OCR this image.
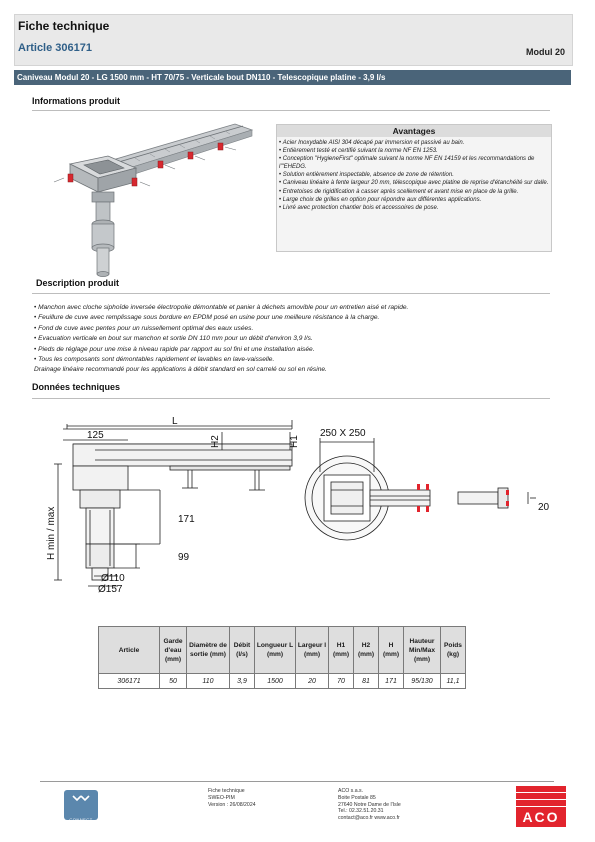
Fiche technique
Article 306171	Modul 20
Caniveau Modul 20 - LG 1500 mm - HT 70/75 - Verticale bout DN110 - Telescopique platine - 3,9 l/s
Informations produit
Avantages
• Acier Inoxydable AISI 304 décapé par immersion et passivé au bain.
• Entièrement testé et certifié suivant la norme NF EN 1253.
• Conception "HygieneFirst" optimale suivant la norme NF EN 14159 et les recommandations de l'"EHEDG.
• Solution entièrement inspectable, absence de zone de rétention.
• Caniveau linéaire à fente largeur 20 mm, télescopique avec platine de reprise d'étanchéité sur dalle.
• Entretoises de rigidification à casser après scellement et avant mise en place de la grille.
• Large choix de grilles en option pour répondre aux différentes applications.
• Livré avec protection chantier bois et accessoires de pose.
Description produit
• Manchon avec cloche siphoïde inversée électropolie démontable et panier à déchets amovible pour un entretien aisé et rapide.
• Feuillure de cuve avec remplissage sous bordure en EPDM posé en usine pour une meilleure résistance à la charge.
• Fond de cuve avec pentes pour un ruissellement optimal des eaux usées.
• Evacuation verticale en bout sur manchon et sortie DN 110 mm pour un débit d'environ 3,9 l/s.
• Pieds de réglage pour une mise à niveau rapide par rapport au sol fini et une installation aisée.
• Tous les composants sont démontables rapidement et lavables en lave-vaisselle.
Drainage linéaire recommandé pour les applications à débit standard en sol carrelé ou sol en résine.
Données techniques
L
125	H2	H1
171
99
H min / max
Ø110
Ø157
250 X 250
20
Article	Garde d'eau (mm)	Diamètre de sortie (mm)	Débit (l/s)	Longueur L (mm)	Largeur l (mm)	H1 (mm)	H2 (mm)	H (mm)	Hauteur Min/Max (mm)	Poids (kg)
306171	50	110	3,9	1500	20	70	81	171	95/130	11,1
CONNECT
Fiche technique
SWEO-PIM
Version : 26/08/2024
ACO s.a.s.
Boite Postale 85
27640 Notre Dame de l'Isle
Tel.: 02.32.51.20.31
contact@aco.fr www.aco.fr	ACO
